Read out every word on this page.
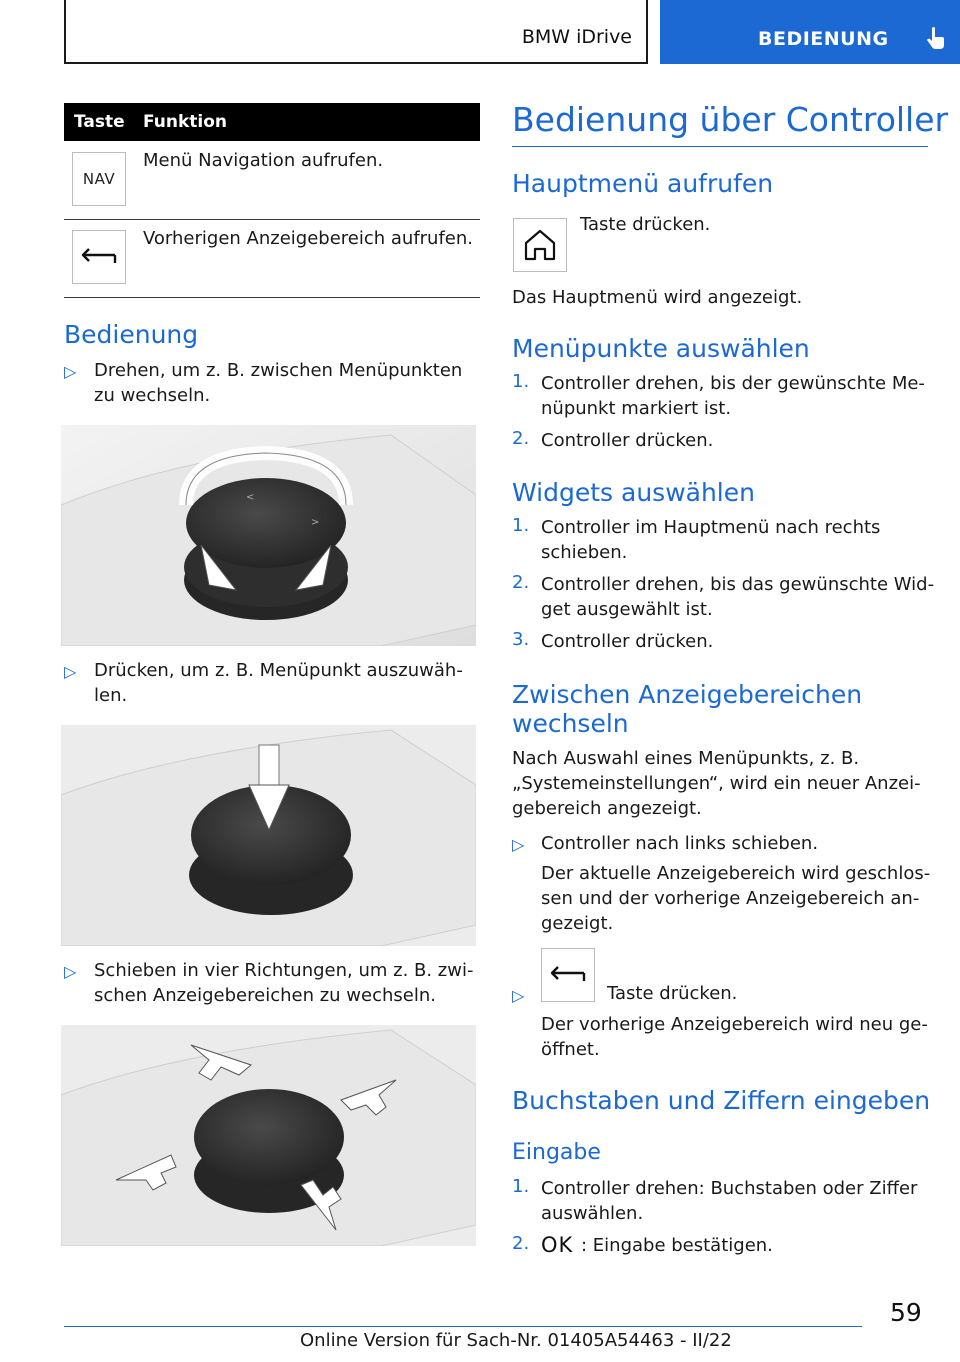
BMW iDrive	BEDIENUNG
Taste Funktion
NAV
Menü Navigation aufrufen.
Vorherigen Anzeigebereich aufrufen.
Bedienung
▷ Drehen, um z. B. zwischen Menüpunkten
zu wechseln.
<
>
▷ Drücken, um z. B. Menüpunkt auszuwäh-
len.
▷ Schieben in vier Richtungen, um z. B. zwi-
schen Anzeigebereichen zu wechseln.
Bedienung über Controller
Hauptmenü aufrufen
Taste drücken.
Das Hauptmenü wird angezeigt.
Menüpunkte auswählen
1. Controller drehen, bis der gewünschte Me-
nüpunkt markiert ist.
2. Controller drücken.
Widgets auswählen
1. Controller im Hauptmenü nach rechts
schieben.
2. Controller drehen, bis das gewünschte Wid-
get ausgewählt ist.
3. Controller drücken.
Zwischen Anzeigebereichen
wechseln
Nach Auswahl eines Menüpunkts, z. B.
„Systemeinstellungen“, wird ein neuer Anzei-
gebereich angezeigt.
▷ Controller nach links schieben.
Der aktuelle Anzeigebereich wird geschlos-
sen und der vorherige Anzeigebereich an-
gezeigt.
▷	Taste drücken.
Der vorherige Anzeigebereich wird neu ge-
öffnet.
Buchstaben und Ziffern eingeben
Eingabe
1. Controller drehen: Buchstaben oder Ziffer
auswählen.
2. OK : Eingabe bestätigen.
59
Online Version für Sach-Nr. 01405A54463 - II/22
